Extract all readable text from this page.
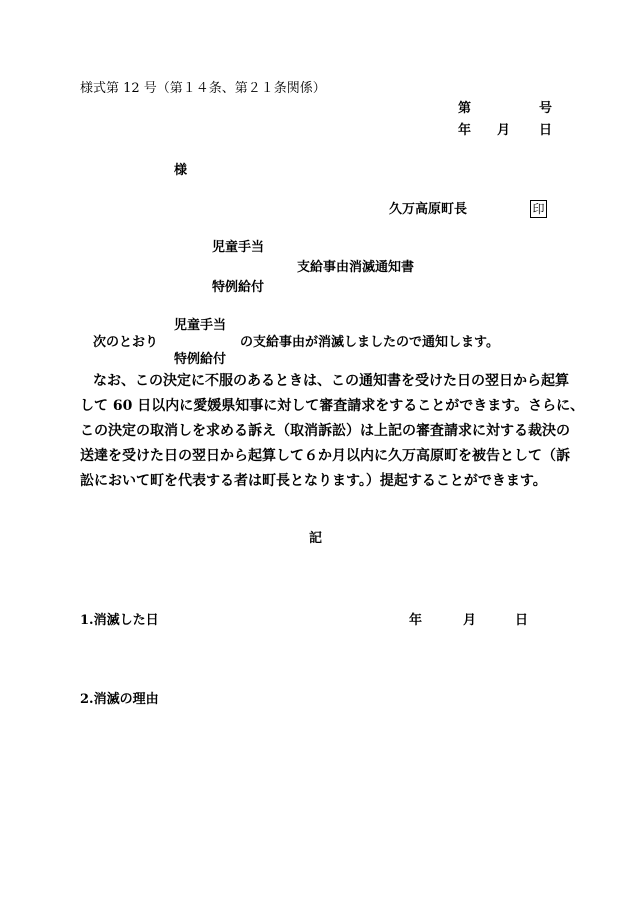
様式第 12 号（第１４条、第２１条関係）
第	号
年 月 日
様
久万高原町長	印
児童手当
支給事由消滅通知書
特例給付
児童手当
次のとおり	の支給事由が消滅しましたので通知します。
特例給付
なお、この決定に不服のあるときは、この通知書を受けた日の翌日から起算
して 60 日以内に愛媛県知事に対して審査請求をすることができます。さらに、
この決定の取消しを求める訴え（取消訴訟）は上記の審査請求に対する裁決の
送達を受けた日の翌日から起算して６か月以内に久万高原町を被告として（訴
訟において町を代表する者は町長となります。）提起することができます。
記
1.消滅した日	年	月	日
2.消滅の理由
